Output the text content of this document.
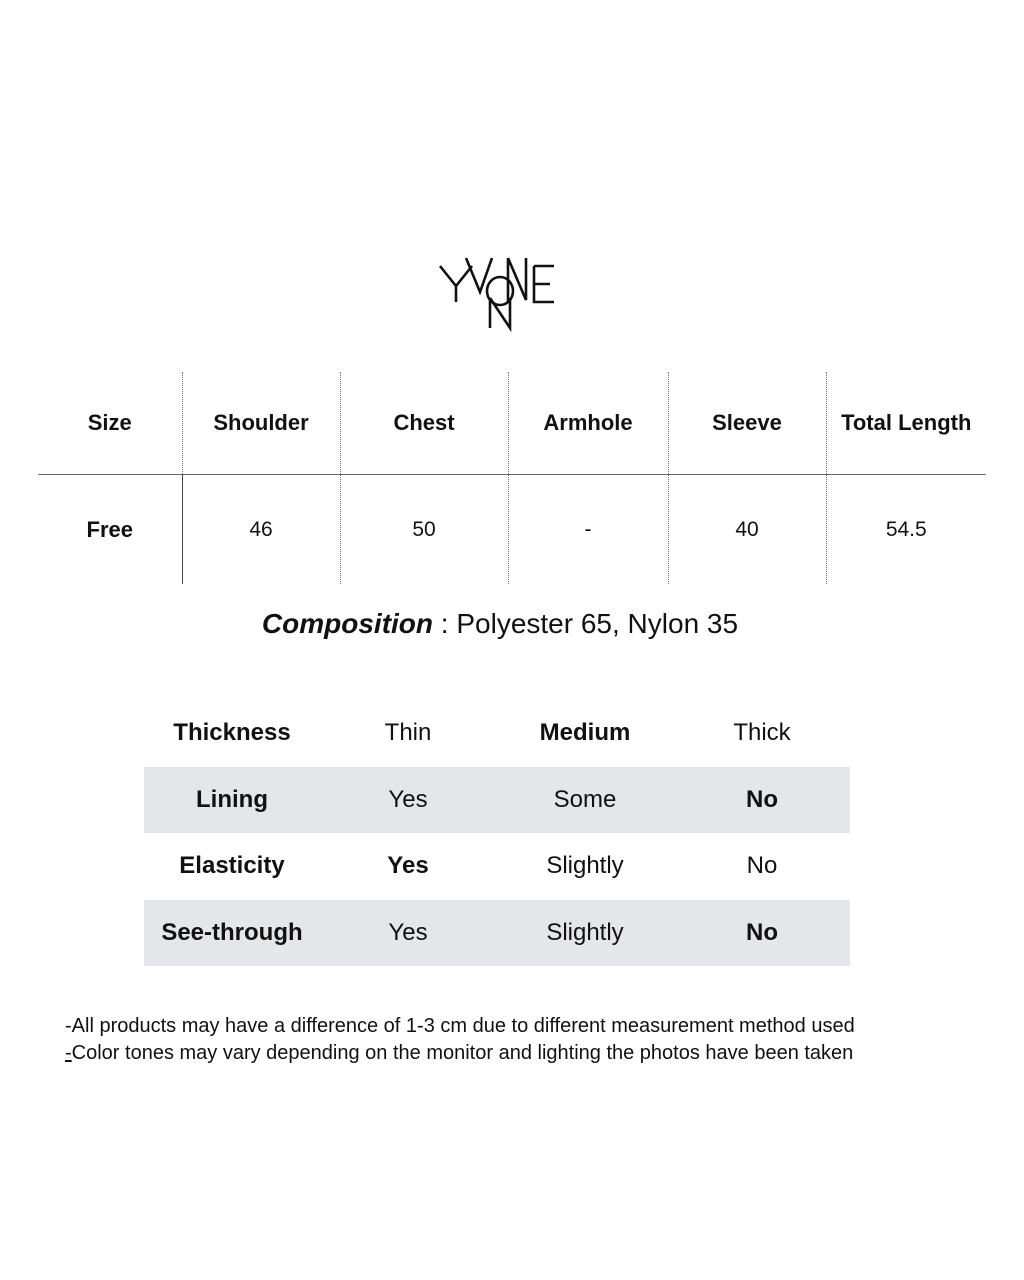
Size	Shoulder	Chest	Armhole	Sleeve	Total Length
Free	46	50	-	40	54.5
Composition : Polyester 65, Nylon 35
Thickness	Thin	Medium	Thick
Lining	Yes	Some	No
Elasticity	Yes	Slightly	No
See-through	Yes	Slightly	No
-All products may have a difference of 1-3 cm due to different measurement method used
-Color tones may vary depending on the monitor and lighting the photos have been taken
